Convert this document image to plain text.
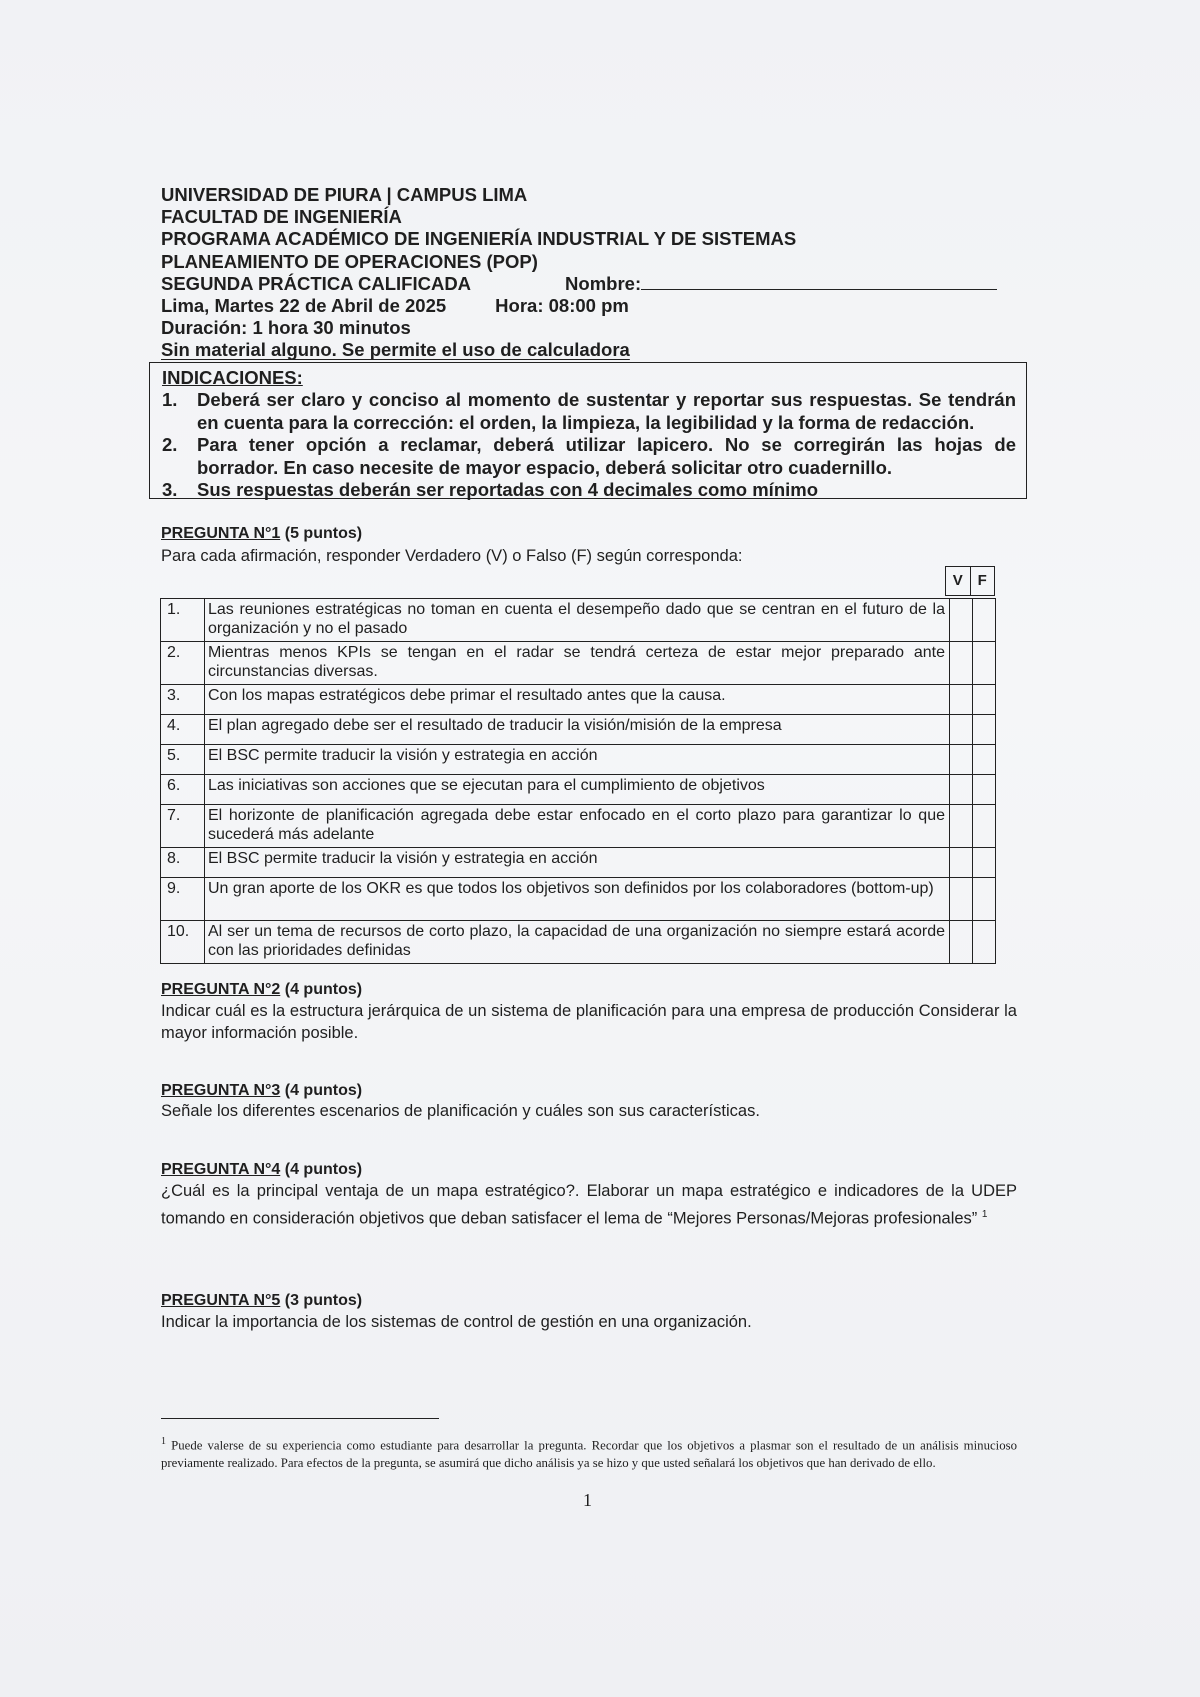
UNIVERSIDAD DE PIURA | CAMPUS LIMA
FACULTAD DE INGENIERÍA
PROGRAMA ACADÉMICO DE INGENIERÍA INDUSTRIAL Y DE SISTEMAS
PLANEAMIENTO DE OPERACIONES (POP)
SEGUNDA PRÁCTICA CALIFICADA	Nombre:
Lima, Martes 22 de Abril de 2025	Hora: 08:00 pm
Duración: 1 hora 30 minutos
Sin material alguno. Se permite el uso de calculadora
INDICACIONES:
1.	Deberá ser claro y conciso al momento de sustentar y reportar sus respuestas. Se tendrán en cuenta para la corrección: el orden, la limpieza, la legibilidad y la forma de redacción.
2.	Para tener opción a reclamar, deberá utilizar lapicero. No se corregirán las hojas de borrador. En caso necesite de mayor espacio, deberá solicitar otro cuadernillo.
3.	Sus respuestas deberán ser reportadas con 4 decimales como mínimo
PREGUNTA N°1 (5 puntos)
Para cada afirmación, responder Verdadero (V) o Falso (F) según corresponda:
V F
1.	Las reuniones estratégicas no toman en cuenta el desempeño dado que se centran en el futuro de la organización y no el pasado		
2.	Mientras menos KPIs se tengan en el radar se tendrá certeza de estar mejor preparado ante circunstancias diversas.		
3.	Con los mapas estratégicos debe primar el resultado antes que la causa.		
4.	El plan agregado debe ser el resultado de traducir la visión/misión de la empresa		
5.	El BSC permite traducir la visión y estrategia en acción		
6.	Las iniciativas son acciones que se ejecutan para el cumplimiento de objetivos		
7.	El horizonte de planificación agregada debe estar enfocado en el corto plazo para garantizar lo que sucederá más adelante		
8.	El BSC permite traducir la visión y estrategia en acción		
9.	Un gran aporte de los OKR es que todos los objetivos son definidos por los colaboradores (bottom-up)		
10.	Al ser un tema de recursos de corto plazo, la capacidad de una organización no siempre estará acorde con las prioridades definidas		
PREGUNTA N°2 (4 puntos)
Indicar cuál es la estructura jerárquica de un sistema de planificación para una empresa de producción Considerar la mayor información posible.
PREGUNTA N°3 (4 puntos)
Señale los diferentes escenarios de planificación y cuáles son sus características.
PREGUNTA N°4 (4 puntos)
¿Cuál es la principal ventaja de un mapa estratégico?. Elaborar un mapa estratégico e indicadores de la UDEP tomando en consideración objetivos que deban satisfacer el lema de “Mejores Personas/Mejoras profesionales” $^1$
PREGUNTA N°5 (3 puntos)
Indicar la importancia de los sistemas de control de gestión en una organización.
$^1$ Puede valerse de su experiencia como estudiante para desarrollar la pregunta. Recordar que los objetivos a plasmar son el resultado de un análisis minucioso previamente realizado. Para efectos de la pregunta, se asumirá que dicho análisis ya se hizo y que usted señalará los objetivos que han derivado de ello.
1
